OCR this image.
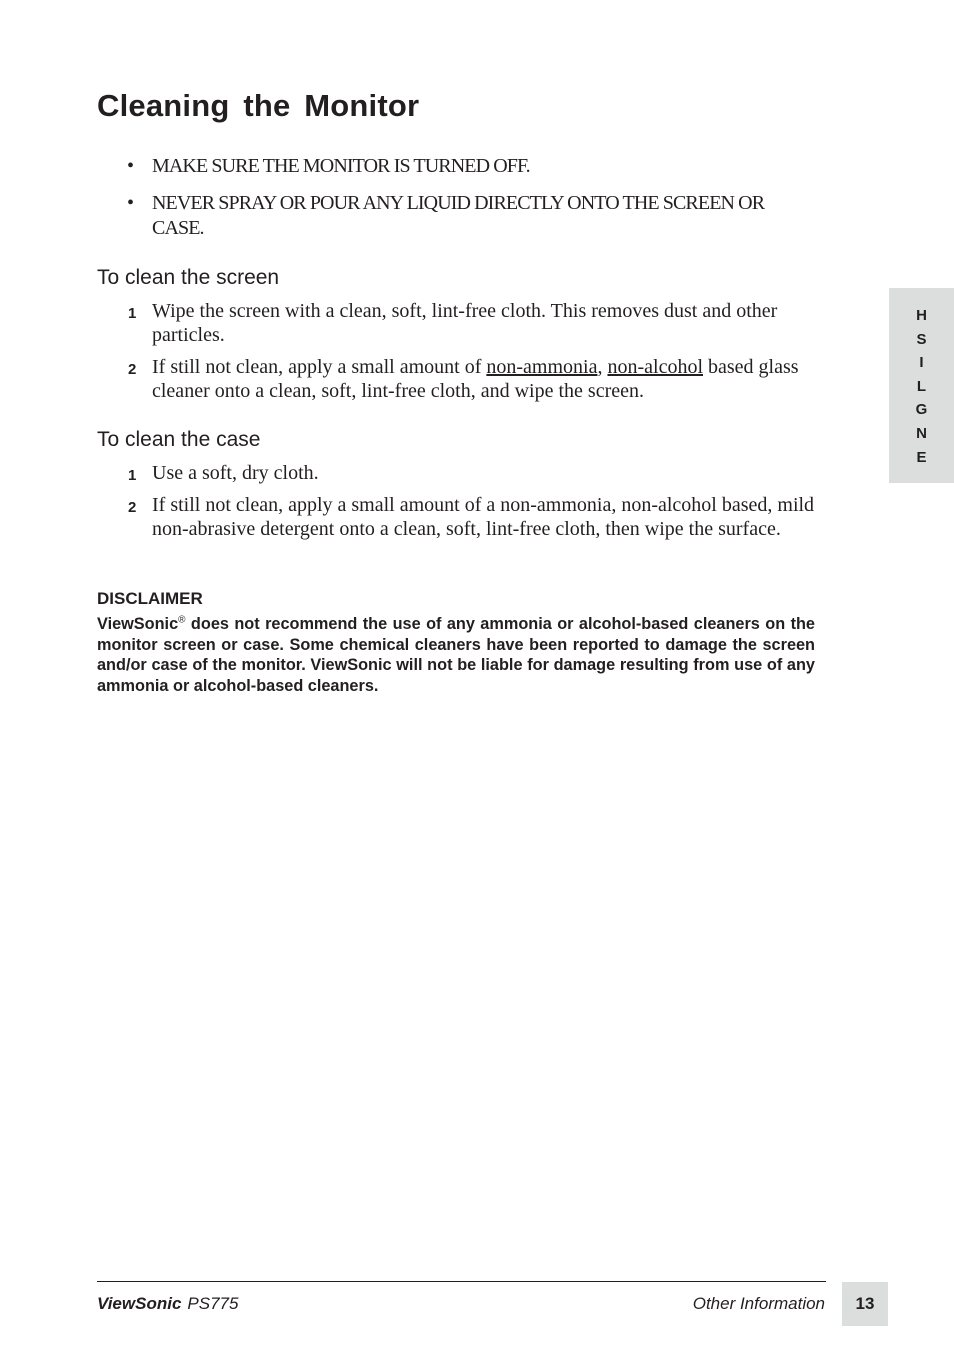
Cleaning the Monitor
• MAKE SURE THE MONITOR IS TURNED OFF.
• NEVER SPRAY OR POUR ANY LIQUID DIRECTLY ONTO THE SCREEN OR CASE.
To clean the screen
1 Wipe the screen with a clean, soft, lint-free cloth. This removes dust and other particles.
2 If still not clean, apply a small amount of non-ammonia, non-alcohol based glass cleaner onto a clean, soft, lint-free cloth, and wipe the screen.
To clean the case
1 Use a soft, dry cloth.
2 If still not clean, apply a small amount of a non-ammonia, non-alcohol based, mild non-abrasive detergent onto a clean, soft, lint-free cloth, then wipe the surface.
DISCLAIMER

ViewSonic® does not recommend the use of any ammonia or alcohol-based cleaners on the monitor screen or case. Some chemical cleaners have been reported to damage the screen and/or case of the monitor. ViewSonic will not be liable for damage resulting from use of any ammonia or alcohol-based cleaners.

H
S
I
L
G
N
E
ViewSonic PS775	Other Information	13
